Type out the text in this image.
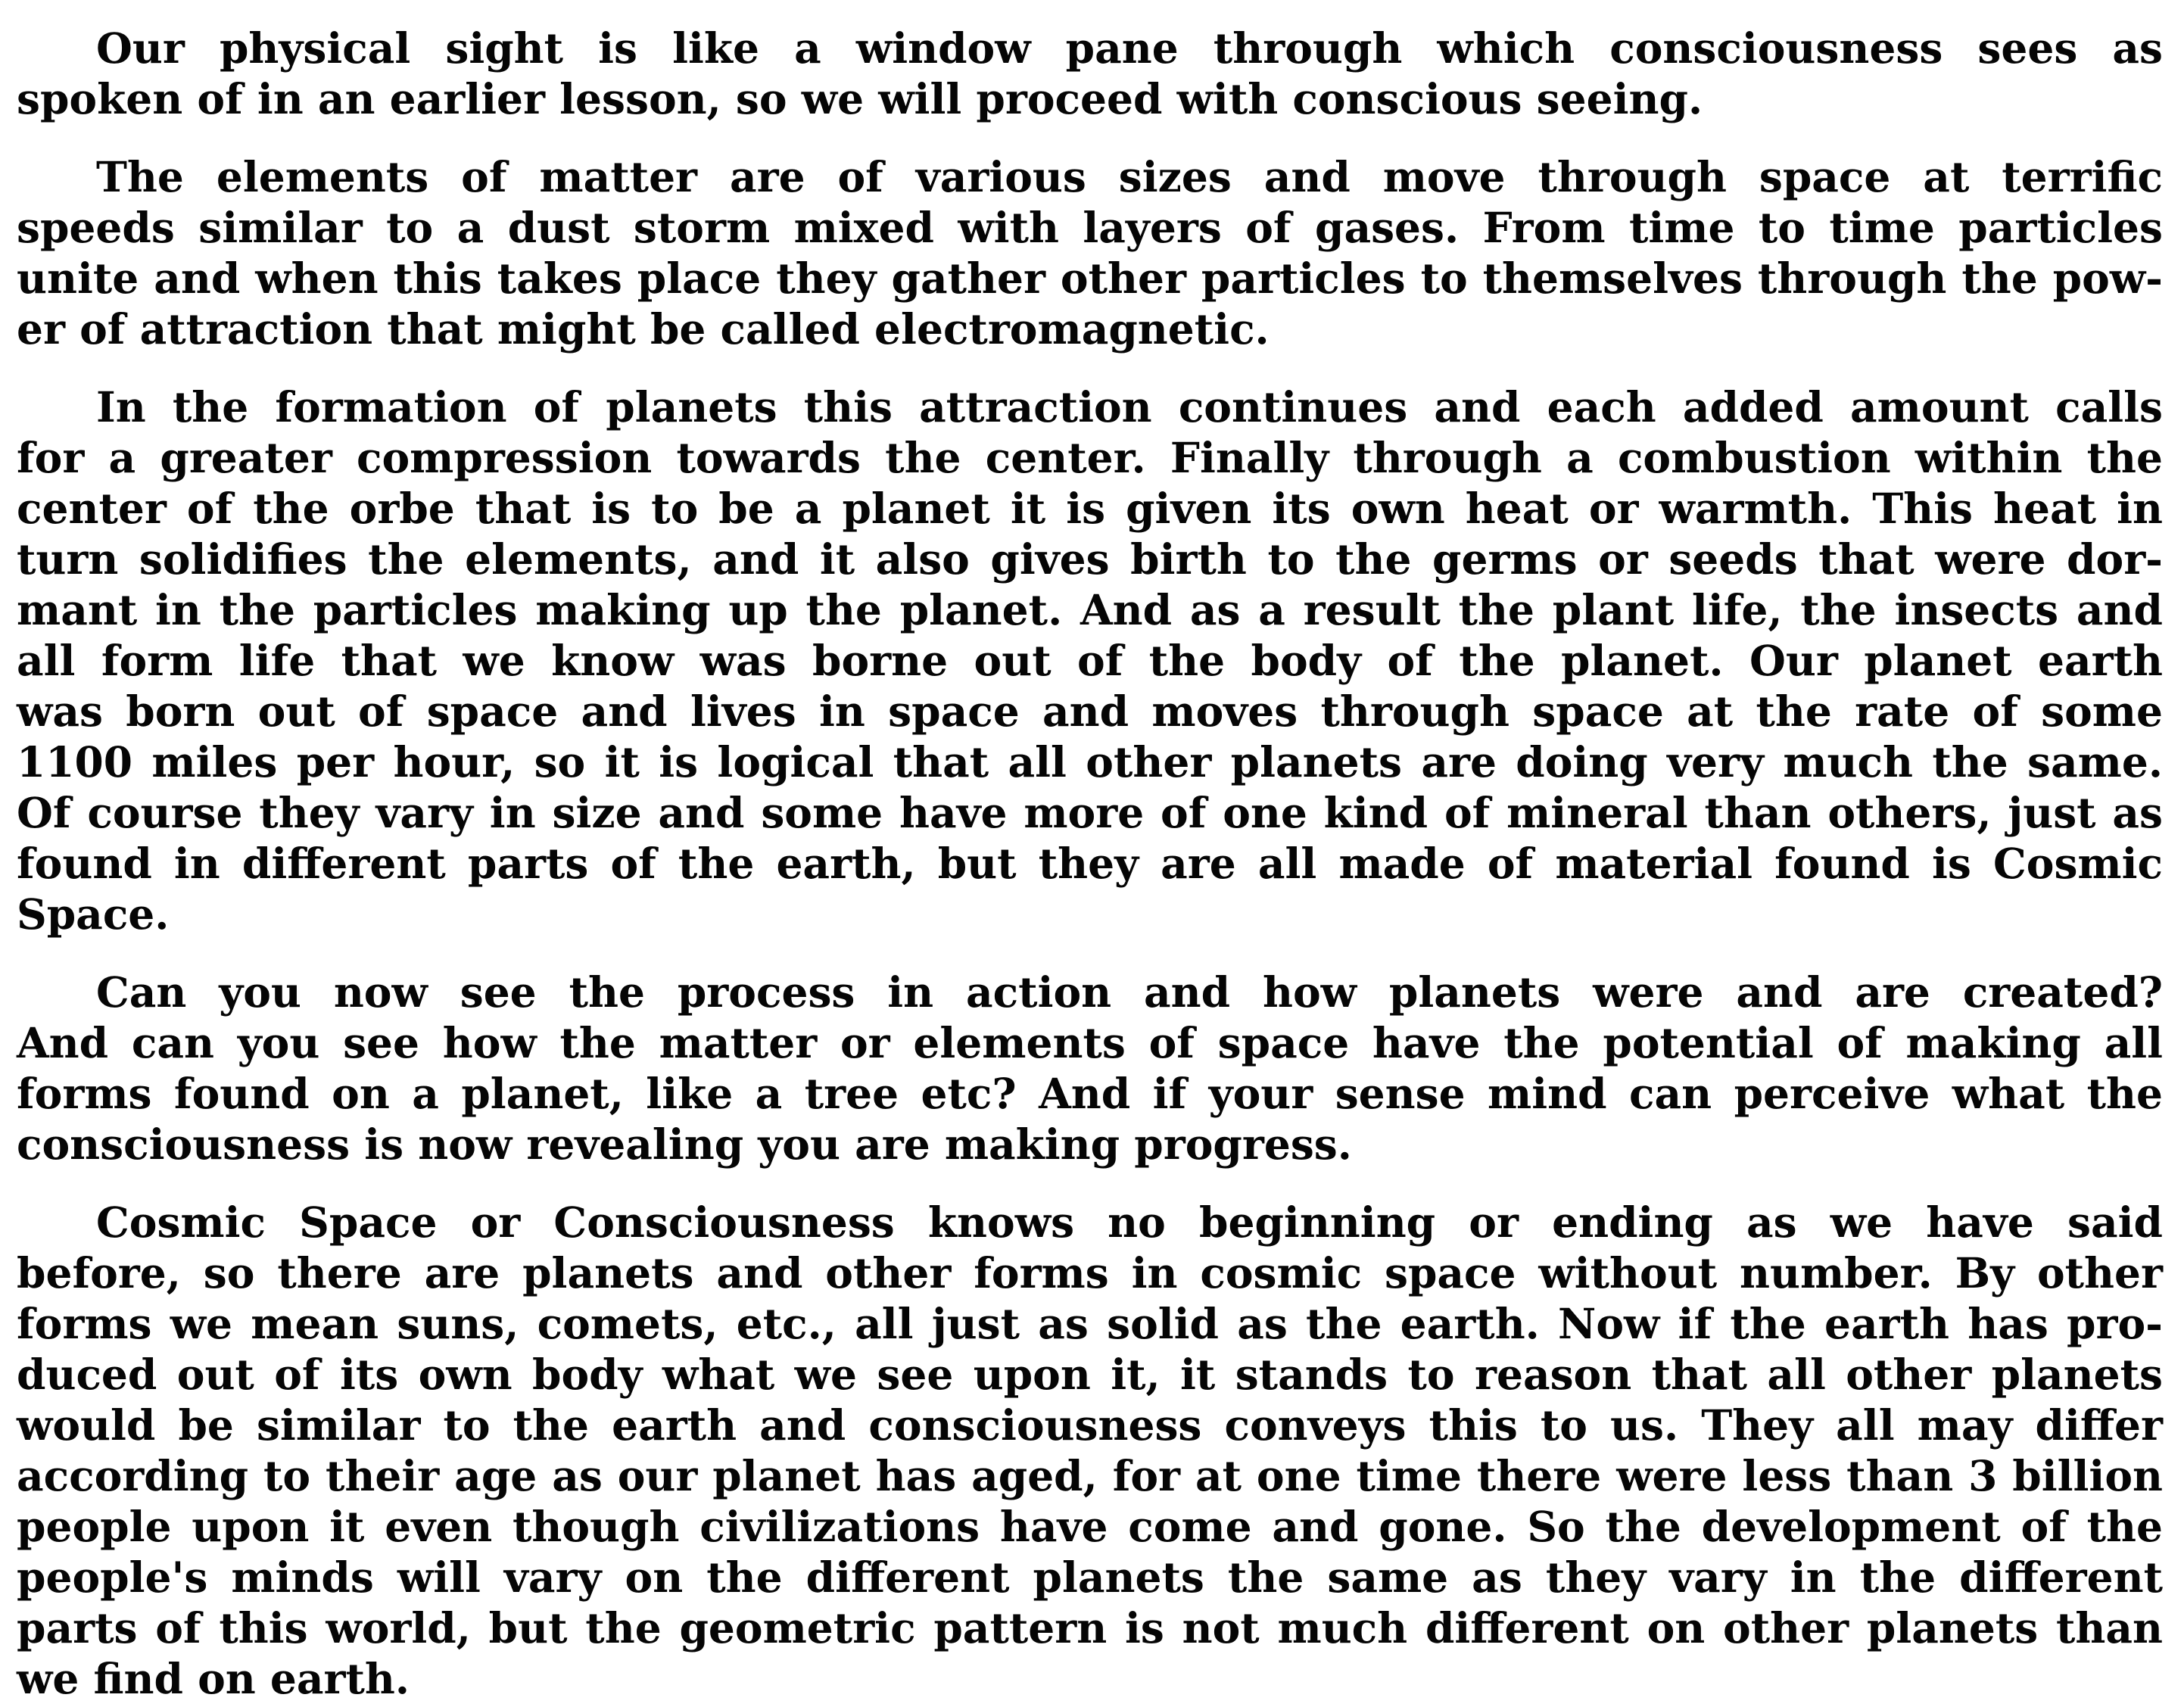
Our physical sight is like a window pane through which consciousness sees as
spoken of in an earlier lesson, so we will proceed with conscious seeing.
The elements of matter are of various sizes and move through space at terrific
speeds similar to a dust storm mixed with layers of gases. From time to time particles
unite and when this takes place they gather other particles to themselves through the pow-
er of attraction that might be called electromagnetic.
In the formation of planets this attraction continues and each added amount calls
for a greater compression towards the center. Finally through a combustion within the
center of the orbe that is to be a planet it is given its own heat or warmth. This heat in
turn solidifies the elements, and it also gives birth to the germs or seeds that were dor-
mant in the particles making up the planet. And as a result the plant life, the insects and
all form life that we know was borne out of the body of the planet. Our planet earth
was born out of space and lives in space and moves through space at the rate of some
1100 miles per hour, so it is logical that all other planets are doing very much the same.
Of course they vary in size and some have more of one kind of mineral than others, just as
found in different parts of the earth, but they are all made of material found is Cosmic
Space.
Can you now see the process in action and how planets were and are created?
And can you see how the matter or elements of space have the potential of making all
forms found on a planet, like a tree etc? And if your sense mind can perceive what the
consciousness is now revealing you are making progress.
Cosmic Space or Consciousness knows no beginning or ending as we have said
before, so there are planets and other forms in cosmic space without number. By other
forms we mean suns, comets, etc., all just as solid as the earth. Now if the earth has pro-
duced out of its own body what we see upon it, it stands to reason that all other planets
would be similar to the earth and consciousness conveys this to us. They all may differ
according to their age as our planet has aged, for at one time there were less than 3 billion
people upon it even though civilizations have come and gone. So the development of the
people's minds will vary on the different planets the same as they vary in the different
parts of this world, but the geometric pattern is not much different on other planets than
we find on earth.
